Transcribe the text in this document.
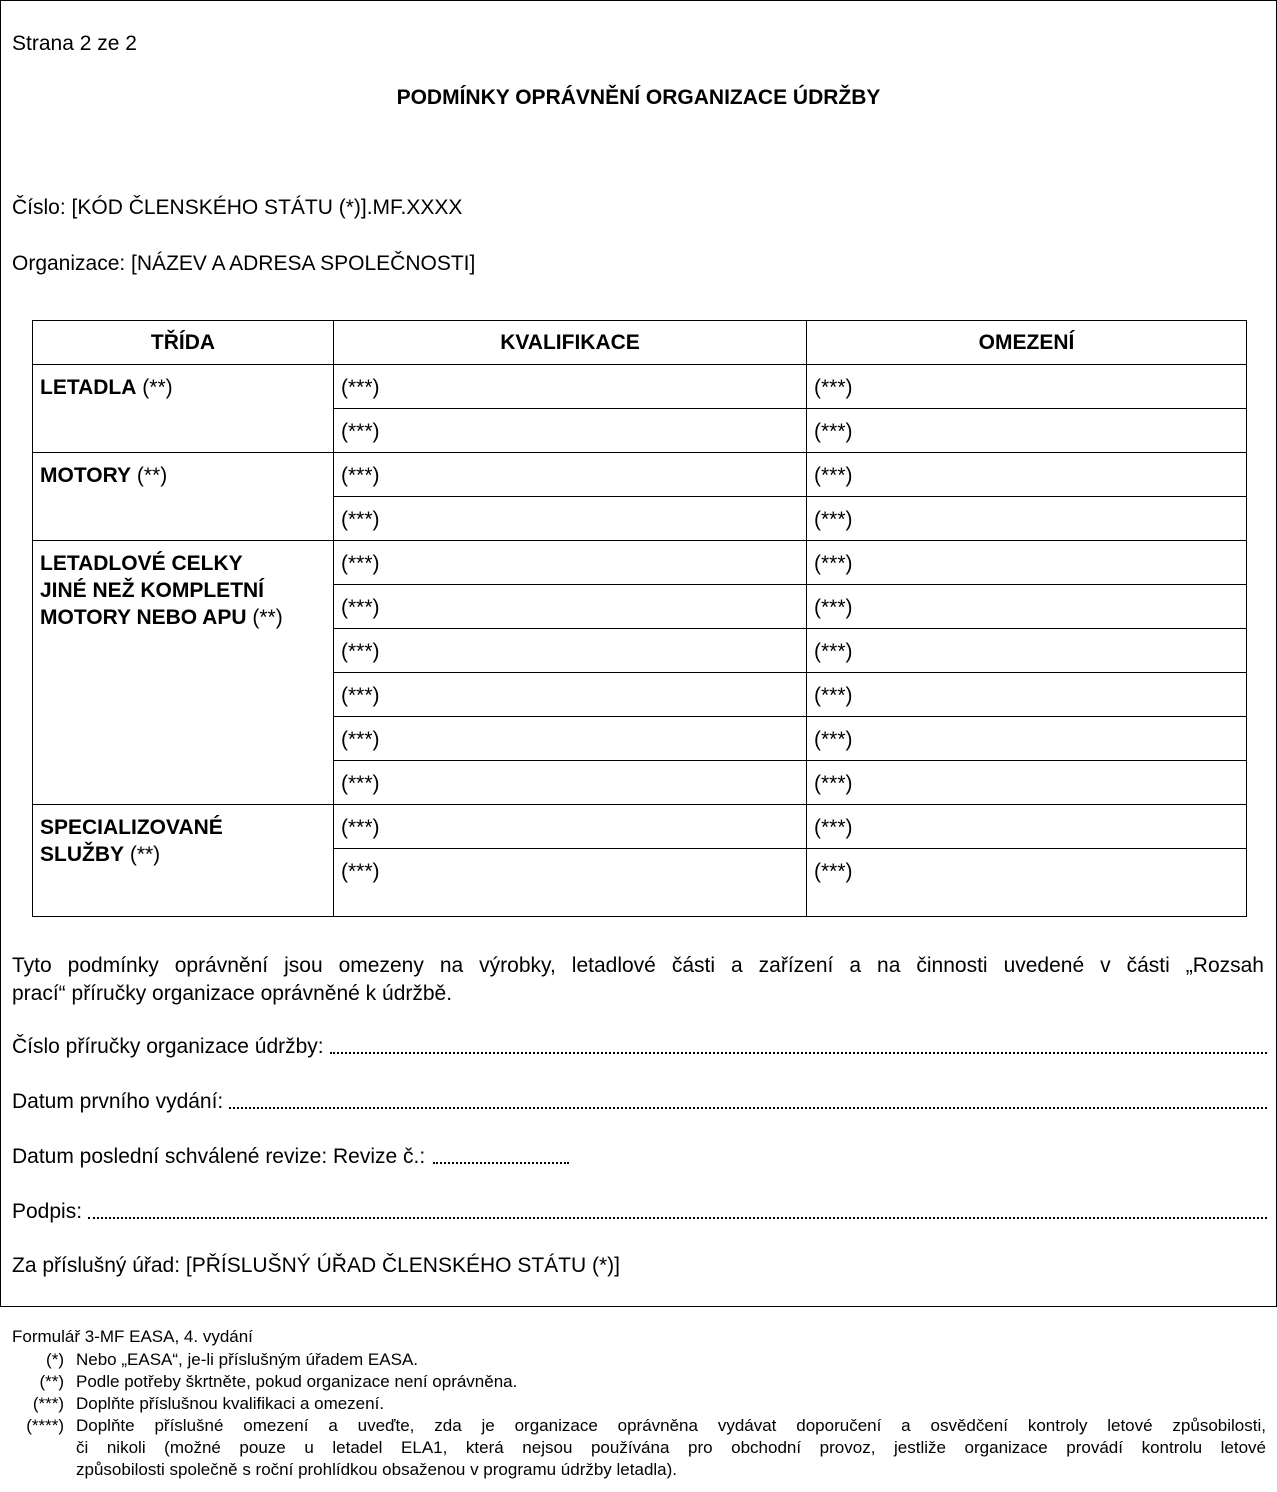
Strana 2 ze 2
PODMÍNKY OPRÁVNĚNÍ ORGANIZACE ÚDRŽBY
Číslo: [KÓD ČLENSKÉHO STÁTU (*)].MF.XXXX
Organizace: [NÁZEV A ADRESA SPOLEČNOSTI]
TŘÍDA	KVALIFIKACE	OMEZENÍ
LETADLA (**)	(***)	(***)
	(***)	(***)
MOTORY (**)	(***)	(***)
	(***)	(***)
LETADLOVÉ CELKY
JINÉ NEŽ KOMPLETNÍ
MOTORY NEBO APU (**)	(***)	(***)
	(***)	(***)
	(***)	(***)
	(***)	(***)
	(***)	(***)
	(***)	(***)
SPECIALIZOVANÉ
SLUŽBY (**)	(***)	(***)
	(***)	(***)
Tyto podmínky oprávnění jsou omezeny na výrobky, letadlové části a zařízení a na činnosti uvedené v části „Rozsah
prací“ příručky organizace oprávněné k údržbě.
Číslo příručky organizace údržby:
Datum prvního vydání:
Datum poslední schválené revize: Revize č.:
Podpis:
Za příslušný úřad: [PŘÍSLUŠNÝ ÚŘAD ČLENSKÉHO STÁTU (*)]
Formulář 3-MF EASA, 4. vydání
(*) Nebo „EASA“, je-li příslušným úřadem EASA.
(**) Podle potřeby škrtněte, pokud organizace není oprávněna.
(***) Doplňte příslušnou kvalifikaci a omezení.
(****) Doplňte příslušné omezení a uveďte, zda je organizace oprávněna vydávat doporučení a osvědčení kontroly letové způsobilosti,
či nikoli (možné pouze u letadel ELA1, která nejsou používána pro obchodní provoz, jestliže organizace provádí kontrolu letové
způsobilosti společně s roční prohlídkou obsaženou v programu údržby letadla).
